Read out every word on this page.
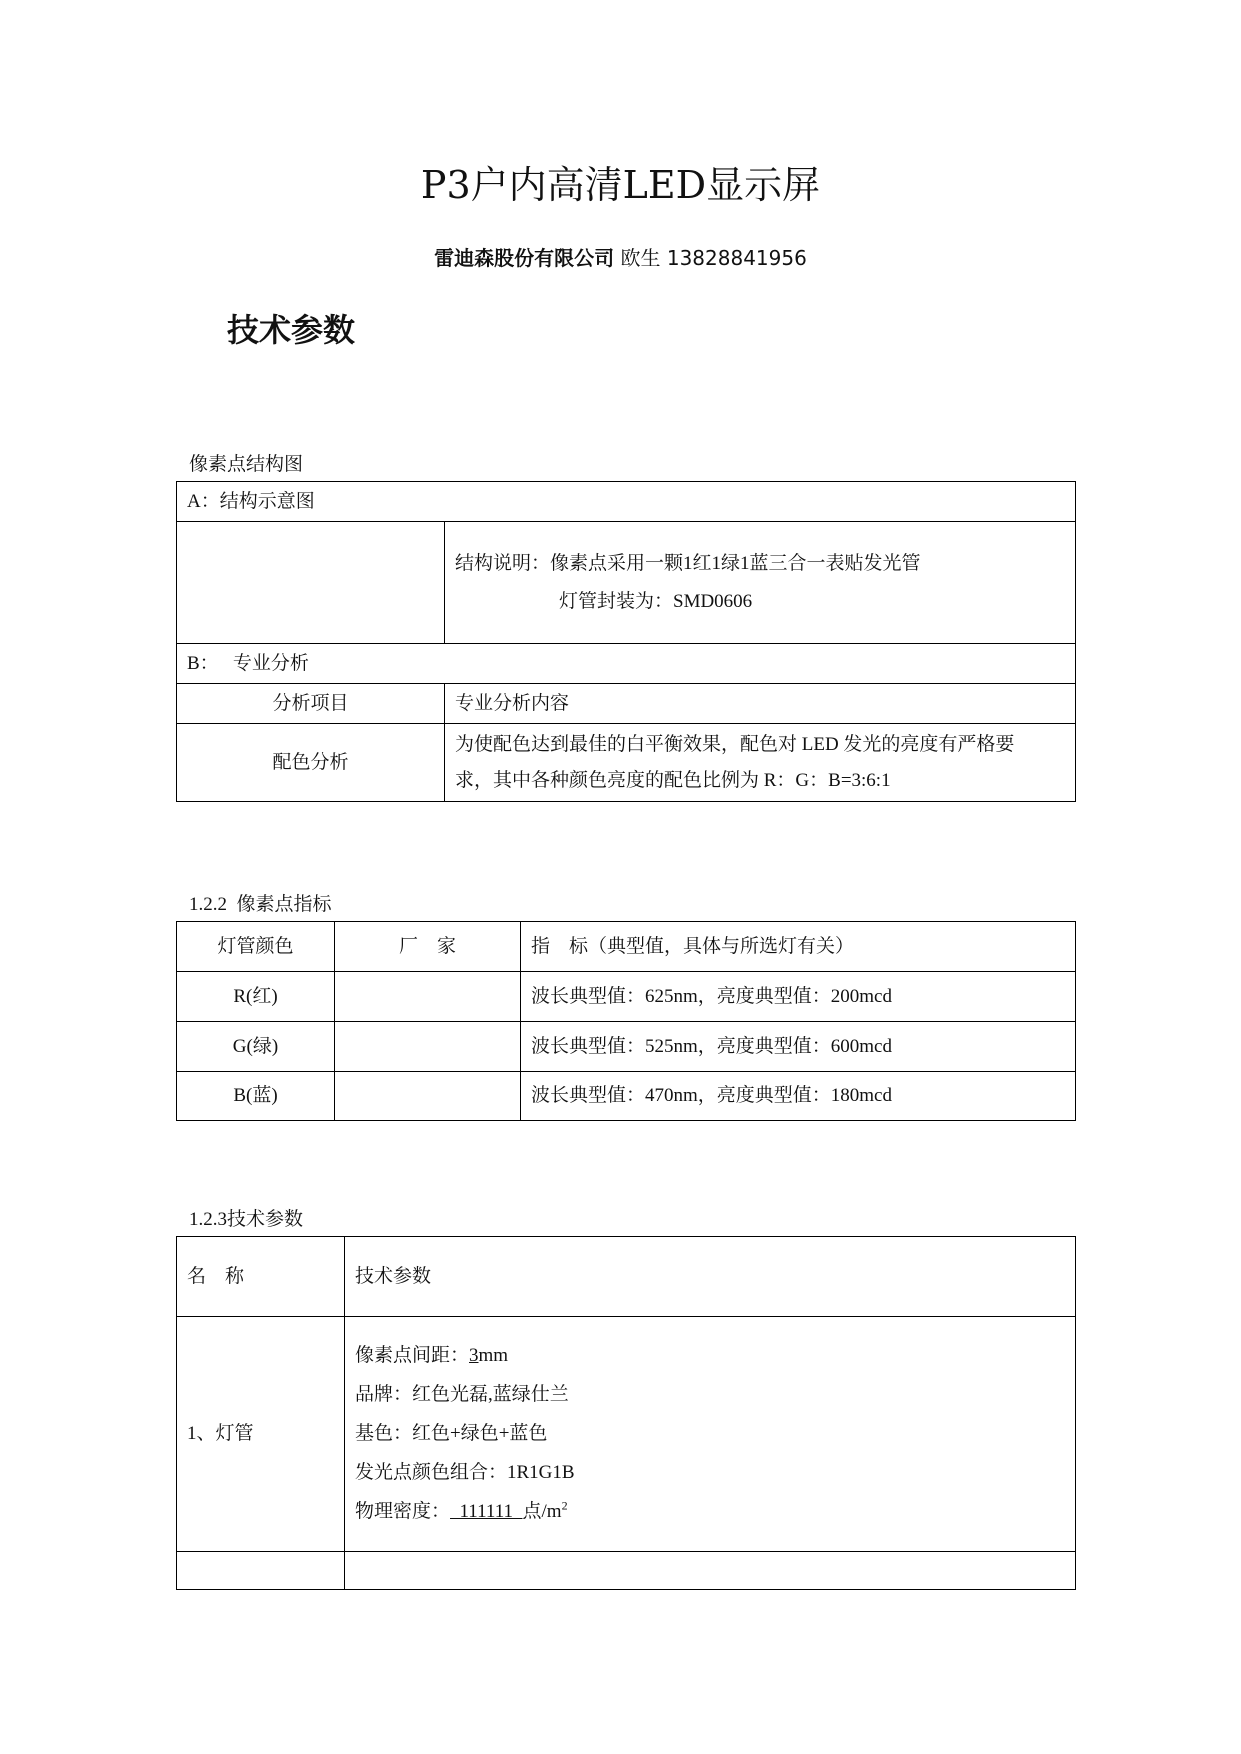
P3户内高清LED显示屏
雷迪森股份有限公司 欧生 13828841956
技术参数
像素点结构图
A：结构示意图	

	结构说明：像素点采用一颗1红1绿1蓝三合一表贴发光管
灯管封装为：SMD0606

B：   专业分析	
分析项目	专业分析内容
配色分析	为使配色达到最佳的白平衡效果，配色对 LED 发光的亮度有严格要
求，其中各种颜色亮度的配色比例为 R：G：B=3:6:1
1.2.2  像素点指标
灯管颜色	厂    家	指    标（典型值，具体与所选灯有关）
R(红)		波长典型值：625nm，亮度典型值：200mcd
G(绿)		波长典型值：525nm，亮度典型值：600mcd
B(蓝)		波长典型值：470nm，亮度典型值：180mcd
1.2.3技术参数
名    称	技术参数
1、灯管	像素点间距：3mm
品牌：红色光磊,蓝绿仕兰
基色：红色+绿色+蓝色
发光点颜色组合：1R1G1B
物理密度：  111111  点$/m^2$
